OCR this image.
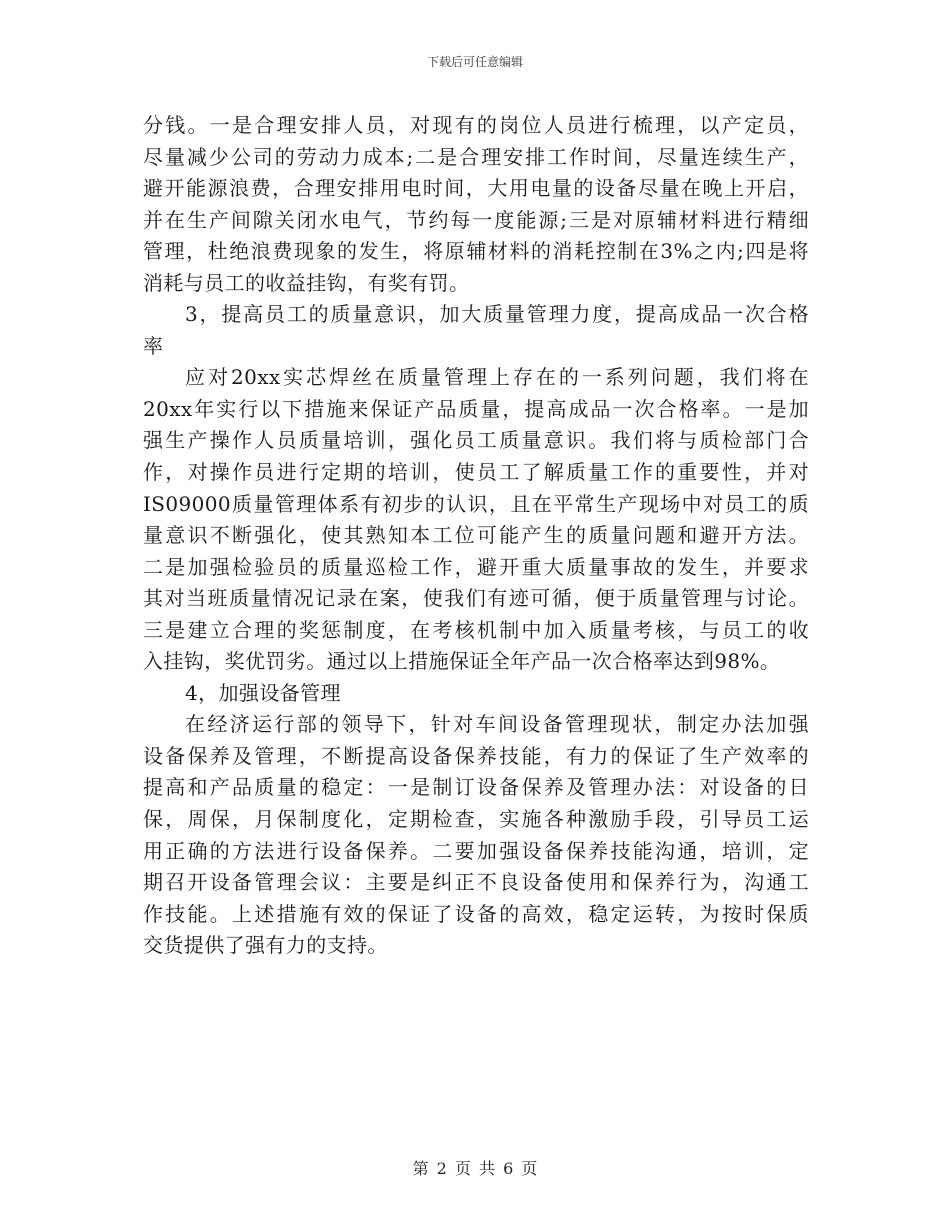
下载后可任意编辑
分钱。一是合理安排人员，对现有的岗位人员进行梳理，以产定员，
尽量减少公司的劳动力成本;二是合理安排工作时间，尽量连续生产，
避开能源浪费，合理安排用电时间，大用电量的设备尽量在晚上开启，
并在生产间隙关闭水电气，节约每一度能源;三是对原辅材料进行精细
管理，杜绝浪费现象的发生，将原辅材料的消耗控制在3%之内;四是将
消耗与员工的收益挂钩，有奖有罚。
3，提高员工的质量意识，加大质量管理力度，提高成品一次合格
率
应对20xx实芯焊丝在质量管理上存在的一系列问题，我们将在
20xx年实行以下措施来保证产品质量，提高成品一次合格率。一是加
强生产操作人员质量培训，强化员工质量意识。我们将与质检部门合
作，对操作员进行定期的培训，使员工了解质量工作的重要性，并对
IS09000质量管理体系有初步的认识，且在平常生产现场中对员工的质
量意识不断强化，使其熟知本工位可能产生的质量问题和避开方法。
二是加强检验员的质量巡检工作，避开重大质量事故的发生，并要求
其对当班质量情况记录在案，使我们有迹可循，便于质量管理与讨论。
三是建立合理的奖惩制度，在考核机制中加入质量考核，与员工的收
入挂钩，奖优罚劣。通过以上措施保证全年产品一次合格率达到98%。
4，加强设备管理
在经济运行部的领导下，针对车间设备管理现状，制定办法加强
设备保养及管理，不断提高设备保养技能，有力的保证了生产效率的
提高和产品质量的稳定：一是制订设备保养及管理办法：对设备的日
保，周保，月保制度化，定期检查，实施各种激励手段，引导员工运
用正确的方法进行设备保养。二要加强设备保养技能沟通，培训，定
期召开设备管理会议：主要是纠正不良设备使用和保养行为，沟通工
作技能。上述措施有效的保证了设备的高效，稳定运转，为按时保质
交货提供了强有力的支持。
第 2 页 共 6 页
